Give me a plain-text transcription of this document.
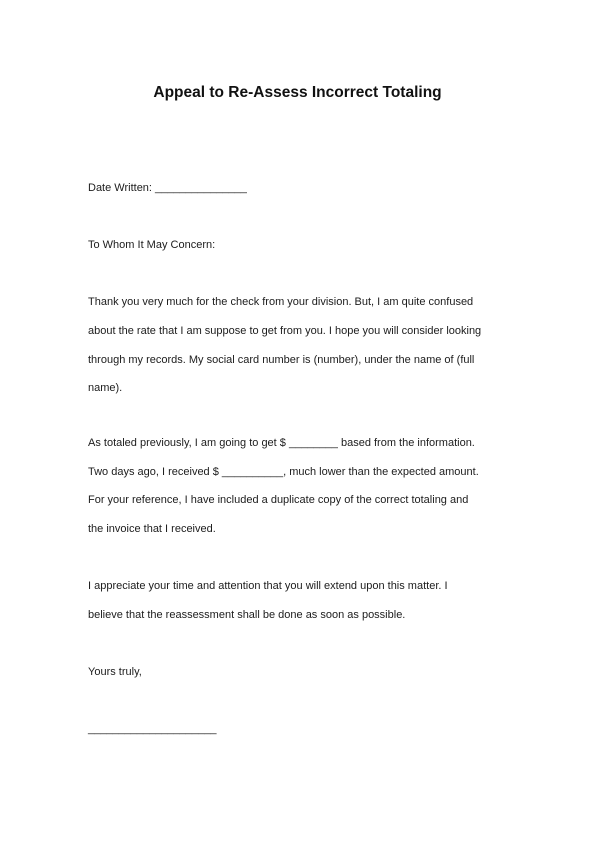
Appeal to Re-Assess Incorrect Totaling

Date Written: _______________

To Whom It May Concern:

Thank you very much for the check from your division. But, I am quite confused

about the rate that I am suppose to get from you. I hope you will consider looking

through my records. My social card number is (number), under the name of (full

name).

As totaled previously, I am going to get $ ________ based from the information.

Two days ago, I received $ __________, much lower than the expected amount.

For your reference, I have included a duplicate copy of the correct totaling and

the invoice that I received.

I appreciate your time and attention that you will extend upon this matter. I

believe that the reassessment shall be done as soon as possible.

Yours truly,

_____________________
